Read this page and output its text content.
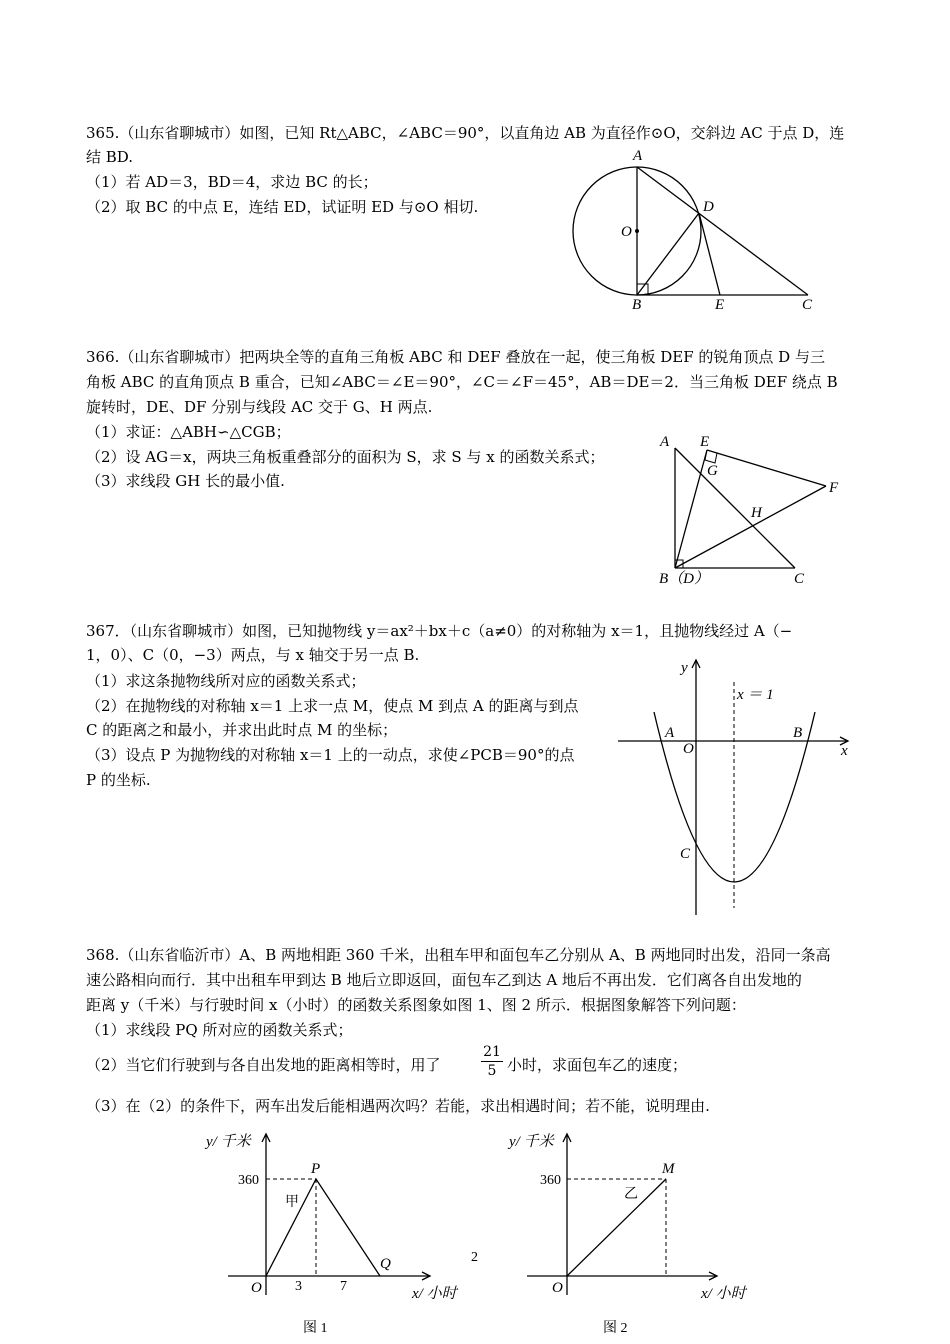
365.（山东省聊城市）如图，已知 Rt△ABC，∠ABC＝90°，以直角边 AB 为直径作⊙O，交斜边 AC 于点 D，连
结 BD.
（1）若 AD＝3，BD＝4，求边 BC 的长；
（2）取 BC 的中点 E，连结 ED，试证明 ED 与⊙O 相切.
A
D
O
B	E	C
366.（山东省聊城市）把两块全等的直角三角板 ABC 和 DEF 叠放在一起，使三角板 DEF 的锐角顶点 D 与三
角板 ABC 的直角顶点 B 重合，已知∠ABC＝∠E＝90°，∠C＝∠F＝45°，AB＝DE＝2．当三角板 DEF 绕点 B
旋转时，DE、DF 分别与线段 AC 交于 G、H 两点.
（1）求证：△ABH∽△CGB；
（2）设 AG＝x，两块三角板重叠部分的面积为 S，求 S 与 x 的函数关系式；
（3）求线段 GH 长的最小值.
A E
G
F
H
B（D）	C
367．（山东省聊城市）如图，已知抛物线 y＝ax²＋bx＋c（a≠0）的对称轴为 x＝1，且抛物线经过 A（−
1，0）、C（0，−3）两点，与 x 轴交于另一点 B.
（1）求这条抛物线所对应的函数关系式；
（2）在抛物线的对称轴 x＝1 上求一点 M，使点 M 到点 A 的距离与到点
C 的距离之和最小，并求出此时点 M 的坐标；
（3）设点 P 为抛物线的对称轴 x＝1 上的一动点，求使∠PCB＝90°的点
P 的坐标.
y
x
x ＝ 1
A
O
B
C
368.（山东省临沂市）A、B 两地相距 360 千米，出租车甲和面包车乙分别从 A、B 两地同时出发，沿同一条高
速公路相向而行．其中出租车甲到达 B 地后立即返回，面包车乙到达 A 地后不再出发．它们离各自出发地的
距离 y（千米）与行驶时间 x（小时）的函数关系图象如图 1、图 2 所示．根据图象解答下列问题：
（1）求线段 PQ 所对应的函数关系式；
（2）当它们行驶到与各自出发地的距离相等时，用了	$\frac{21}{5}$ 小时，求面包车乙的速度；
（3）在（2）的条件下，两车出发后能相遇两次吗？若能，求出相遇时间；若不能，说明理由.
y/ 千米
360
P
甲
Q
O 3	7	x/ 小时
图 1
y/ 千米
360
M
乙
O	x/ 小时
图 2
2
